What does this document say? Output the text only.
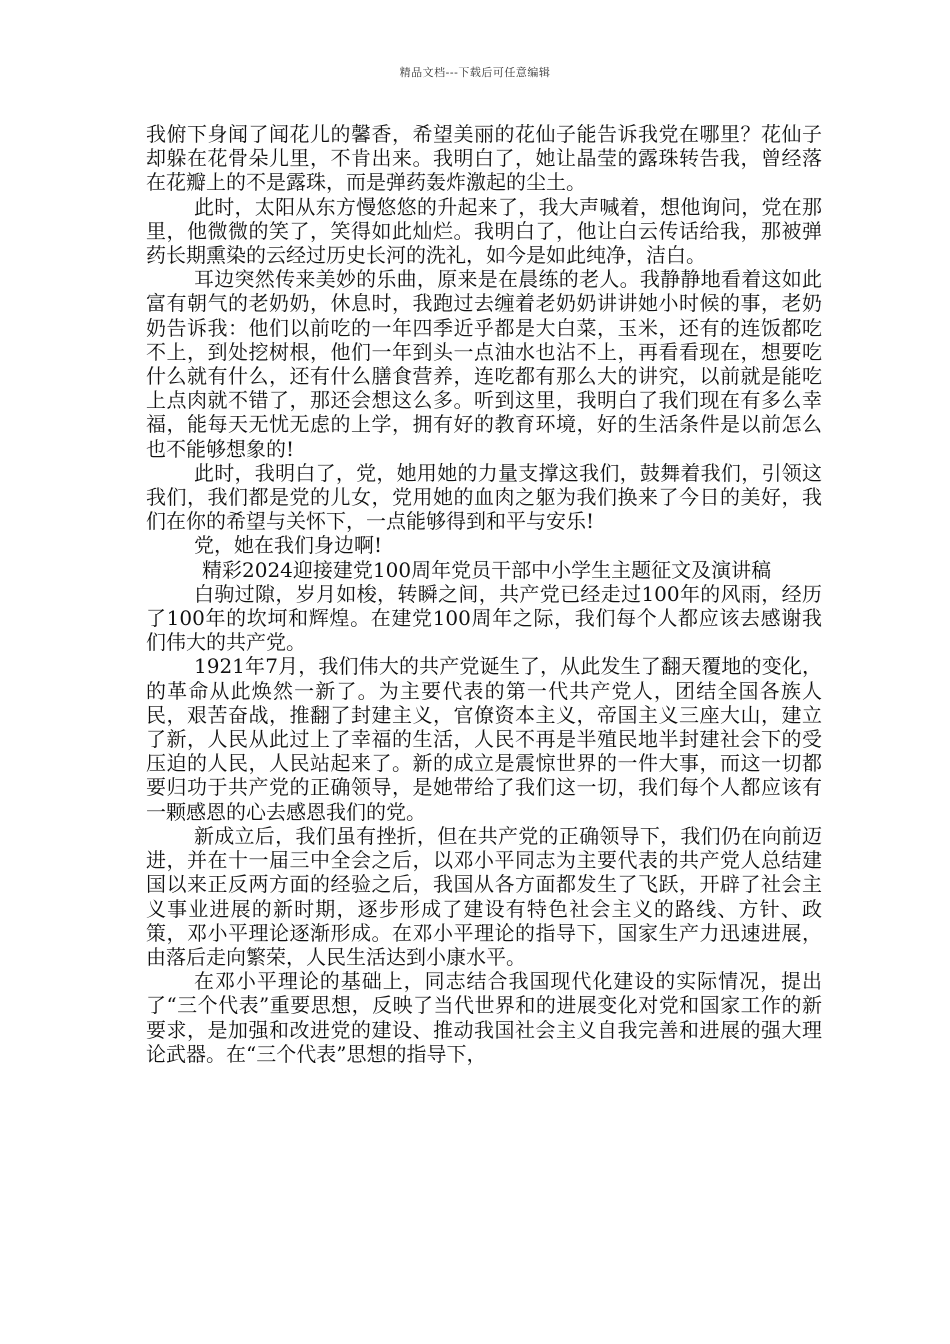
精品文档---下载后可任意编辑

我俯下身闻了闻花儿的馨香，希望美丽的花仙子能告诉我党在哪里？花仙子却躲在花骨朵儿里，不肯出来。我明白了，她让晶莹的露珠转告我，曾经落在花瓣上的不是露珠，而是弹药轰炸激起的尘土。

此时，太阳从东方慢悠悠的升起来了，我大声喊着，想他询问，党在那里，他微微的笑了，笑得如此灿烂。我明白了，他让白云传话给我，那被弹药长期熏染的云经过历史长河的洗礼，如今是如此纯净，洁白。

耳边突然传来美妙的乐曲，原来是在晨练的老人。我静静地看着这如此富有朝气的老奶奶，休息时，我跑过去缠着老奶奶讲讲她小时候的事，老奶奶告诉我：他们以前吃的一年四季近乎都是大白菜，玉米，还有的连饭都吃不上，到处挖树根，他们一年到头一点油水也沾不上，再看看现在，想要吃什么就有什么，还有什么膳食营养，连吃都有那么大的讲究，以前就是能吃上点肉就不错了，那还会想这么多。听到这里，我明白了我们现在有多么幸福，能每天无忧无虑的上学，拥有好的教育环境，好的生活条件是以前怎么也不能够想象的!

此时，我明白了，党，她用她的力量支撑这我们，鼓舞着我们，引领这我们，我们都是党的儿女，党用她的血肉之躯为我们换来了今日的美好，我们在你的希望与关怀下，一点能够得到和平与安乐!

党，她在我们身边啊!

精彩2024迎接建党100周年党员干部中小学生主题征文及演讲稿

白驹过隙，岁月如梭，转瞬之间，共产党已经走过100年的风雨，经历了100年的坎坷和辉煌。在建党100周年之际，我们每个人都应该去感谢我们伟大的共产党。

1921年7月，我们伟大的共产党诞生了，从此发生了翻天覆地的变化，的革命从此焕然一新了。为主要代表的第一代共产党人，团结全国各族人民，艰苦奋战，推翻了封建主义，官僚资本主义，帝国主义三座大山，建立了新，人民从此过上了幸福的生活，人民不再是半殖民地半封建社会下的受压迫的人民，人民站起来了。新的成立是震惊世界的一件大事，而这一切都要归功于共产党的正确领导，是她带给了我们这一切，我们每个人都应该有一颗感恩的心去感恩我们的党。

新成立后，我们虽有挫折，但在共产党的正确领导下，我们仍在向前迈进，并在十一届三中全会之后，以邓小平同志为主要代表的共产党人总结建国以来正反两方面的经验之后，我国从各方面都发生了飞跃，开辟了社会主义事业进展的新时期，逐步形成了建设有特色社会主义的路线、方针、政策，邓小平理论逐渐形成。在邓小平理论的指导下，国家生产力迅速进展，由落后走向繁荣，人民生活达到小康水平。

在邓小平理论的基础上，同志结合我国现代化建设的实际情况，提出了“三个代表”重要思想，反映了当代世界和的进展变化对党和国家工作的新要求，是加强和改进党的建设、推动我国社会主义自我完善和进展的强大理论武器。在“三个代表”思想的指导下，
